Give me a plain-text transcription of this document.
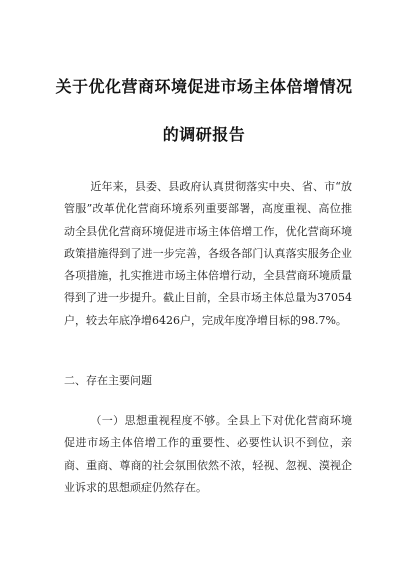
关于优化营商环境促进市场主体倍增情况
的调研报告

近年来，县委、县政府认真贯彻落实中央、省、市“放管服”改革优化营商环境系列重要部署，高度重视、高位推动全县优化营商环境促进市场主体倍增工作，优化营商环境政策措施得到了进一步完善，各级各部门认真落实服务企业各项措施，扎实推进市场主体倍增行动，全县营商环境质量得到了进一步提升。截止目前，全县市场主体总量为37054户，较去年底净增6426户，完成年度净增目标的98.7%。

二、存在主要问题

（一）思想重视程度不够。全县上下对优化营商环境促进市场主体倍增工作的重要性、必要性认识不到位，亲商、重商、尊商的社会氛围依然不浓，轻视、忽视、漠视企业诉求的思想顽症仍然存在。
